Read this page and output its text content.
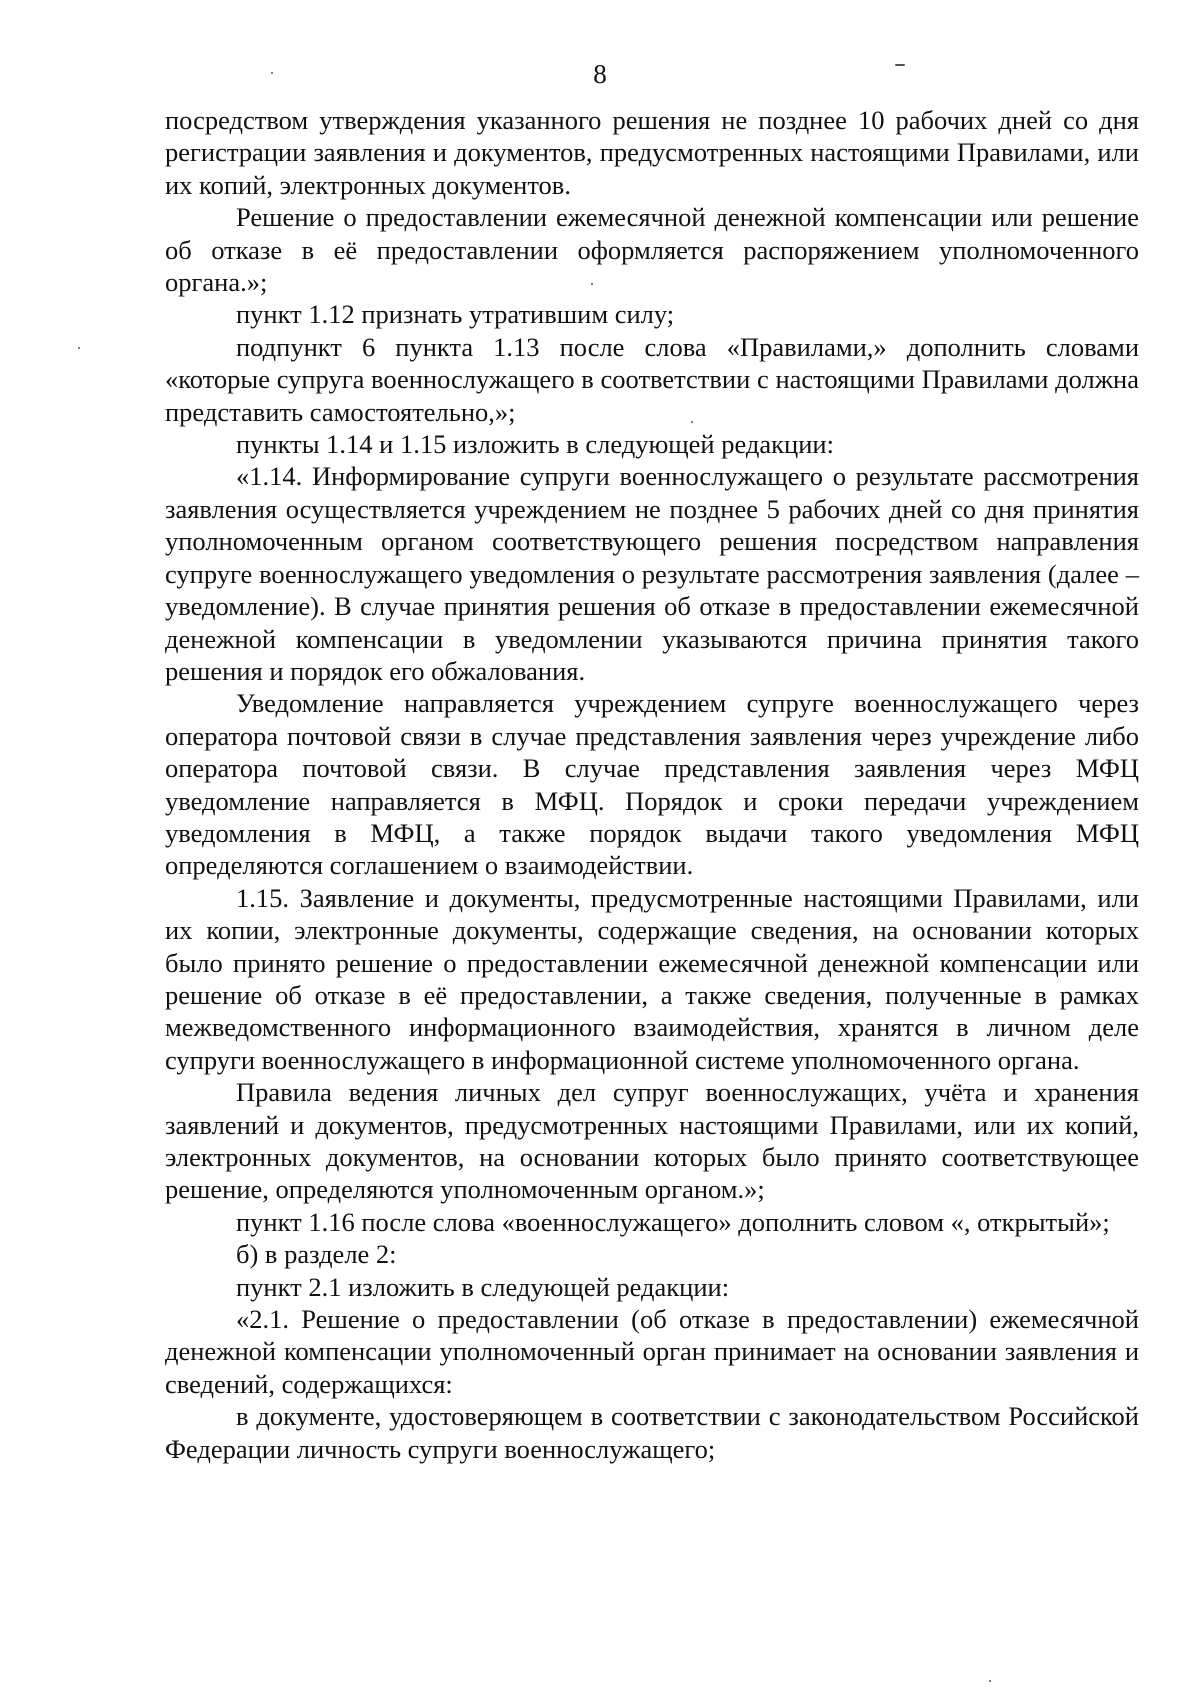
8

посредством утверждения указанного решения не позднее 10 рабочих дней со дня регистрации заявления и документов, предусмотренных настоящими Правилами, или их копий, электронных документов.

Решение о предоставлении ежемесячной денежной компенсации или решение об отказе в её предоставлении оформляется распоряжением уполномоченного органа.»;

пункт 1.12 признать утратившим силу;

подпункт 6 пункта 1.13 после слова «Правилами,» дополнить словами «которые супруга военнослужащего в соответствии с настоящими Правилами должна представить самостоятельно,»;

пункты 1.14 и 1.15 изложить в следующей редакции:

«1.14. Информирование супруги военнослужащего о результате рассмотрения заявления осуществляется учреждением не позднее 5 рабочих дней со дня принятия уполномоченным органом соответствующего решения посредством направления супруге военнослужащего уведомления о результате рассмотрения заявления (далее – уведомление). В случае принятия решения об отказе в предоставлении ежемесячной денежной компенсации в уведомлении указываются причина принятия такого решения и порядок его обжалования.

Уведомление направляется учреждением супруге военнослужащего через оператора почтовой связи в случае представления заявления через учреждение либо оператора почтовой связи. В случае представления заявления через МФЦ уведомление направляется в МФЦ. Порядок и сроки передачи учреждением уведомления в МФЦ, а также порядок выдачи такого уведомления МФЦ определяются соглашением о взаимодействии.

1.15. Заявление и документы, предусмотренные настоящими Правилами, или их копии, электронные документы, содержащие сведения, на основании которых было принято решение о предоставлении ежемесячной денежной компенсации или решение об отказе в её предоставлении, а также сведения, полученные в рамках межведомственного информационного взаимодействия, хранятся в личном деле супруги военнослужащего в информационной системе уполномоченного органа.

Правила ведения личных дел супруг военнослужащих, учёта и хранения заявлений и документов, предусмотренных настоящими Правилами, или их копий, электронных документов, на основании которых было принято соответствующее решение, определяются уполномоченным органом.»;

пункт 1.16 после слова «военнослужащего» дополнить словом «, открытый»;

б) в разделе 2:

пункт 2.1 изложить в следующей редакции:

«2.1. Решение о предоставлении (об отказе в предоставлении) ежемесячной денежной компенсации уполномоченный орган принимает на основании заявления и сведений, содержащихся:

в документе, удостоверяющем в соответствии с законодательством Российской Федерации личность супруги военнослужащего;
